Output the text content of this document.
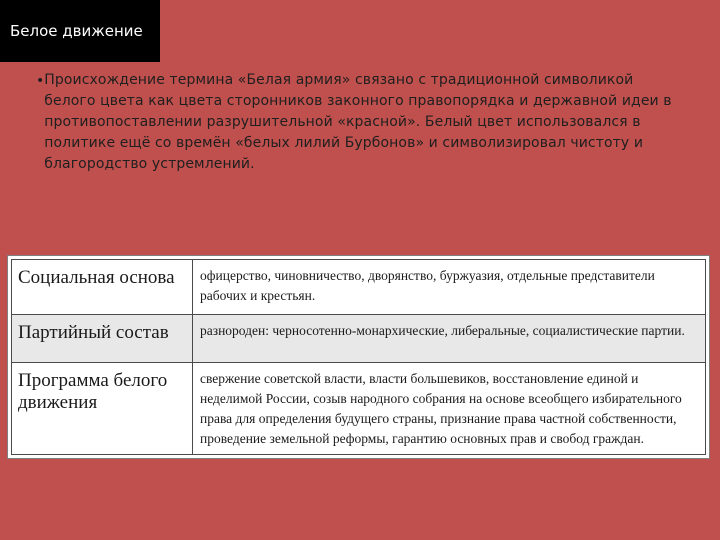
Белое движение
• Происхождение термина «Белая армия» связано с традиционной символикой белого цвета как цвета сторонников законного правопорядка и державной идеи в противопоставлении разрушительной «красной». Белый цвет использовался в политике ещё со времён «белых лилий Бурбонов» и символизировал чистоту и благородство устремлений.
Социальная основа	офицерство, чиновничество, дворянство, буржуазия, отдельные представители рабочих и крестьян.
Партийный состав	разнороден: черносотенно-монархические, либеральные, социалистические партии.
Программа белого движения	свержение советской власти, власти большевиков, восстановление единой и неделимой России, созыв народного собрания на основе всеобщего избирательного права для определения будущего страны, признание права частной собственности, проведение земельной реформы, гарантию основных прав и свобод граждан.
